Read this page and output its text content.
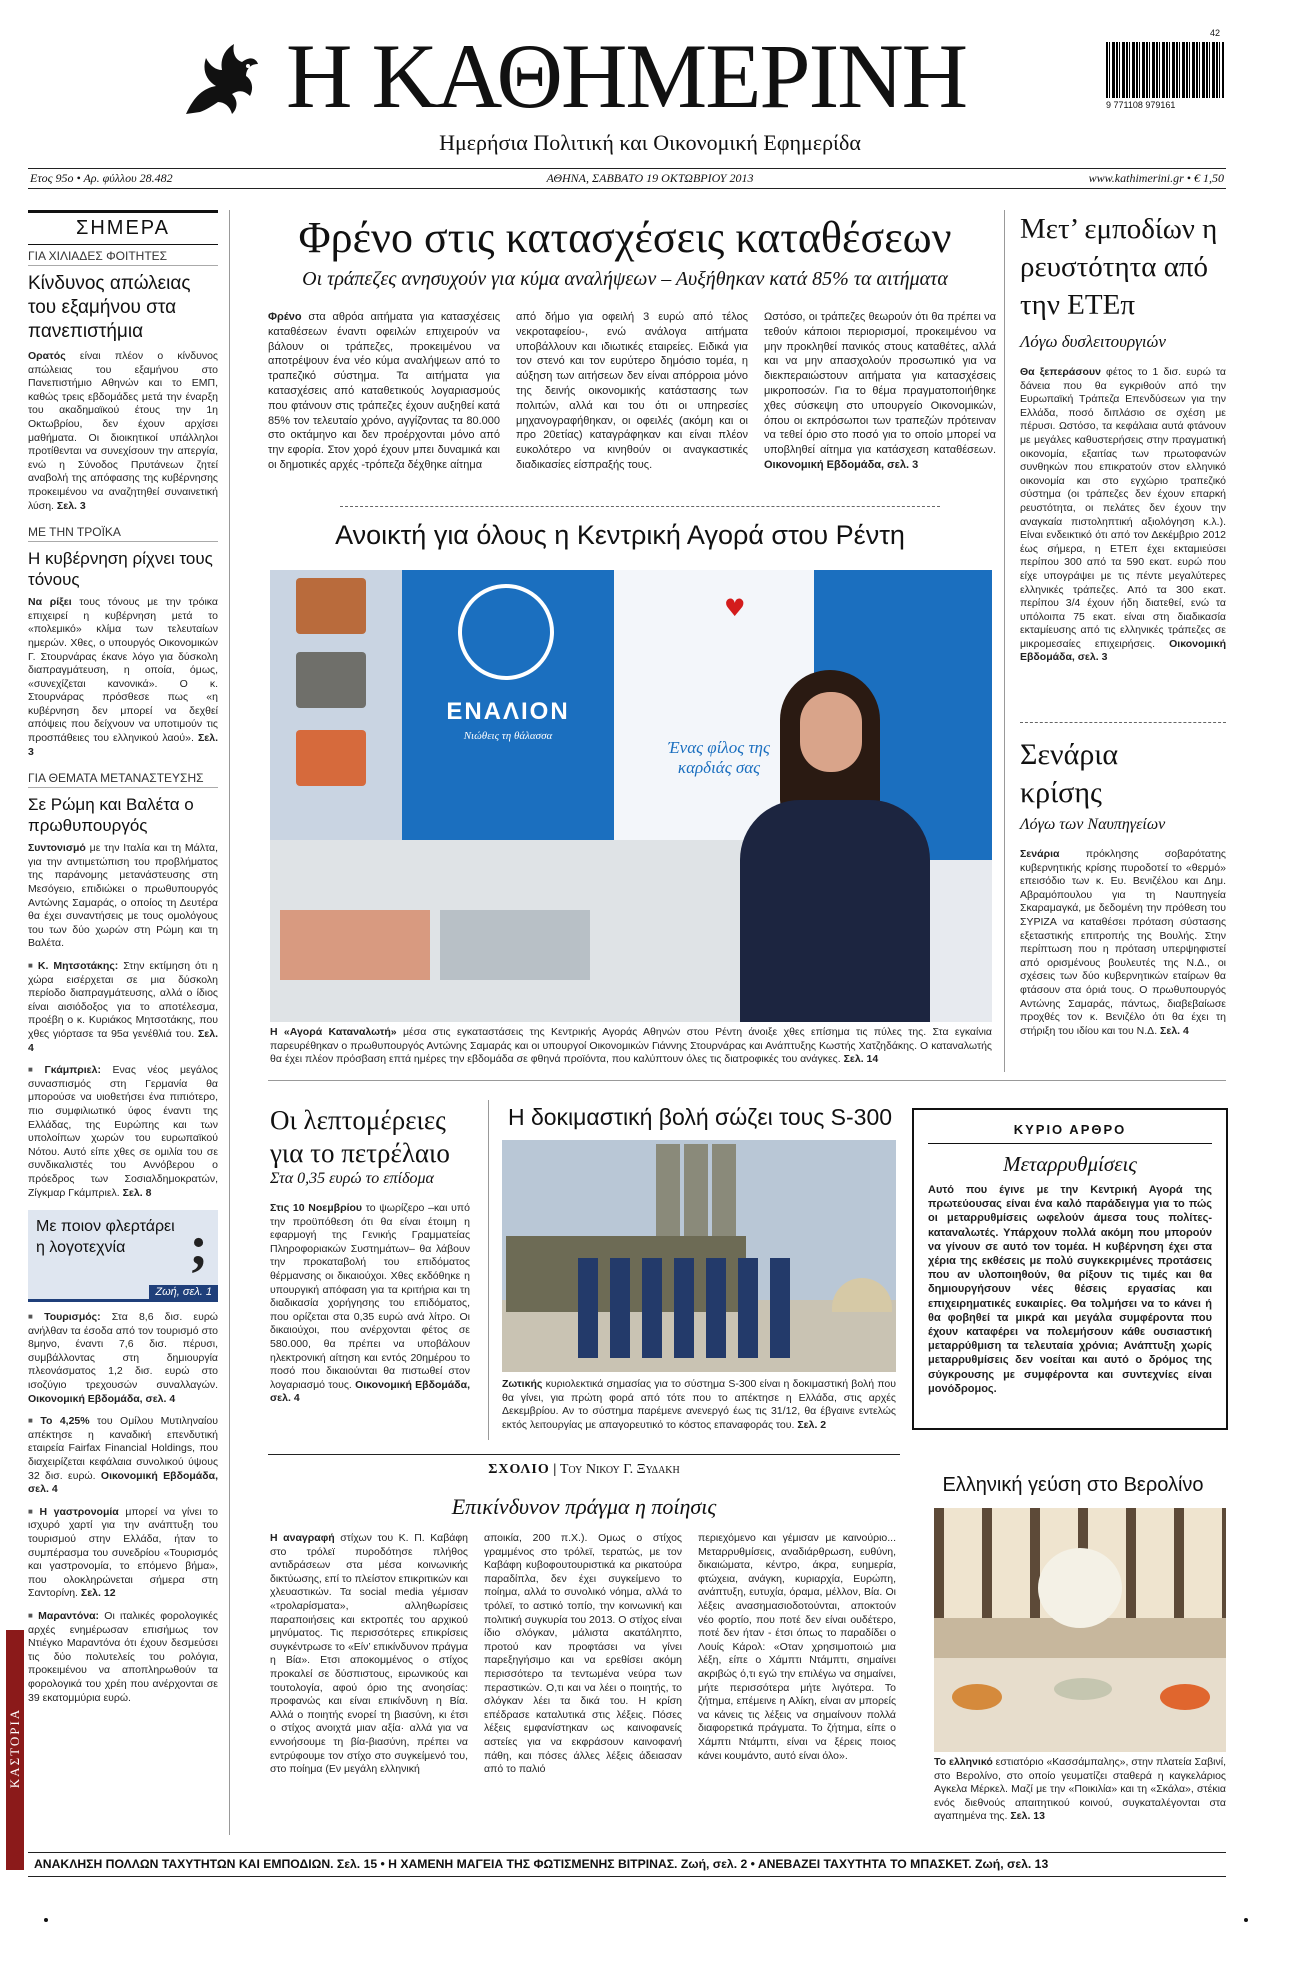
Η ΚΑΘΗΜΕΡΙΝΗ
Ημερήσια Πολιτική και Οικονομική Εφημερίδα
9 771108 979161
42
Ετος 95ο • Αρ. φύλλου 28.482	ΑΘΗΝΑ, ΣΑΒΒΑΤΟ 19 ΟΚΤΩΒΡΙΟΥ 2013	www.kathimerini.gr • € 1,50
ΣΗΜΕΡΑ
ΓΙΑ ΧΙΛΙΑΔΕΣ ΦΟΙΤΗΤΕΣ
Κίνδυνος απώλειας του εξαμήνου στα πανεπιστήμια

Ορατός είναι πλέον ο κίνδυνος απώλειας του εξαμήνου στο Πανεπιστήμιο Αθηνών και το ΕΜΠ, καθώς τρεις εβδομάδες μετά την έναρξη του ακαδημαϊκού έτους την 1η Οκτωβρίου, δεν έχουν αρχίσει μαθήματα. Οι διοικητικοί υπάλληλοι προτίθενται να συνεχίσουν την απεργία, ενώ η Σύνοδος Πρυτάνεων ζητεί αναβολή της απόφασης της κυβέρνησης προκειμένου να αναζητηθεί συναινετική λύση. Σελ. 3

ΜΕ ΤΗΝ ΤΡΟΪΚΑ
Η κυβέρνηση ρίχνει τους τόνους

Να ρίξει τους τόνους με την τρόικα επιχειρεί η κυβέρνηση μετά το «πολεμικό» κλίμα των τελευταίων ημερών. Χθες, ο υπουργός Οικονομικών Γ. Στουρνάρας έκανε λόγο για δύσκολη διαπραγμάτευση, η οποία, όμως, «συνεχίζεται κανονικά». Ο κ. Στουρνάρας πρόσθεσε πως «η κυβέρνηση δεν μπορεί να δεχθεί απόψεις που δείχνουν να υποτιμούν τις προσπάθειες του ελληνικού λαού». Σελ. 3

ΓΙΑ ΘΕΜΑΤΑ ΜΕΤΑΝΑΣΤΕΥΣΗΣ
Σε Ρώμη και Βαλέτα ο πρωθυπουργός

Συντονισμό με την Ιταλία και τη Μάλτα, για την αντιμετώπιση του προβλήματος της παράνομης μετανάστευσης στη Μεσόγειο, επιδιώκει ο πρωθυπουργός Αντώνης Σαμαράς, ο οποίος τη Δευτέρα θα έχει συναντήσεις με τους ομολόγους του των δύο χωρών στη Ρώμη και τη Βαλέτα.

■ Κ. Μητσοτάκης: Στην εκτίμηση ότι η χώρα εισέρχεται σε μια δύσκολη περίοδο διαπραγμάτευσης, αλλά ο ίδιος είναι αισιόδοξος για το αποτέλεσμα, προέβη ο κ. Κυριάκος Μητσοτάκης, που χθες γιόρτασε τα 95α γενέθλιά του. Σελ. 4

■ Γκάμπριελ: Ενας νέος μεγάλος συνασπισμός στη Γερμανία θα μπορούσε να υιοθετήσει ένα πιπιότερο, πιο συμφιλιωτικό ύφος έναντι της Ελλάδας, της Ευρώπης και των υπολοίπων χωρών του ευρωπαϊκού Νότου. Αυτό είπε χθες σε ομιλία του σε συνδικαλιστές του Αννόβερου ο πρόεδρος των Σοσιαλδημοκρατών, Ζίγκμαρ Γκάμπριελ. Σελ. 8

Με ποιον φλερτάρει η λογοτεχνία	;
Ζωή, σελ. 1

■ Τουρισμός: Στα 8,6 δισ. ευρώ ανήλθαν τα έσοδα από τον τουρισμό στο 8μηνο, έναντι 7,6 δισ. πέρυσι, συμβάλλοντας στη δημιουργία πλεονάσματος 1,2 δισ. ευρώ στο ισοζύγιο τρεχουσών συναλλαγών. Οικονομική Εβδομάδα, σελ. 4

■ Το 4,25% του Ομίλου Μυτιληναίου απέκτησε η καναδική επενδυτική εταιρεία Fairfax Financial Holdings, που διαχειρίζεται κεφάλαια συνολικού ύψους 32 δισ. ευρώ. Οικονομική Εβδομάδα, σελ. 4

■ Η γαστρονομία μπορεί να γίνει το ισχυρό χαρτί για την ανάπτυξη του τουρισμού στην Ελλάδα, ήταν το συμπέρασμα του συνεδρίου «Τουρισμός και γαστρονομία, το επόμενο βήμα», που ολοκληρώνεται σήμερα στη Σαντορίνη. Σελ. 12

■ Μαραντόνα: Οι ιταλικές φορολογικές αρχές ενημέρωσαν επισήμως τον Ντιέγκο Μαραντόνα ότι έχουν δεσμεύσει τις δύο πολυτελείς του ρολόγια, προκειμένου να αποπληρωθούν τα φορολογικά του χρέη που ανέρχονται σε 39 εκατομμύρια ευρώ.

ΚΑΣΤΟΡΙΑ
Φρένο στις κατασχέσεις καταθέσεων
Οι τράπεζες ανησυχούν για κύμα αναλήψεων – Αυξήθηκαν κατά 85% τα αιτήματα

Φρένο στα αθρόα αιτήματα για κατασχέσεις καταθέσεων έναντι οφειλών επιχειρούν να βάλουν οι τράπεζες, προκειμένου να αποτρέψουν ένα νέο κύμα αναλήψεων από το τραπεζικό σύστημα. Τα αιτήματα για κατασχέσεις από καταθετικούς λογαριασμούς που φτάνουν στις τράπεζες έχουν αυξηθεί κατά 85% τον τελευταίο χρόνο, αγγίζοντας τα 80.000 στο οκτάμηνο και δεν προέρχονται μόνο από την εφορία. Στον χορό έχουν μπει δυναμικά και οι δημοτικές αρχές -τρόπεζα δέχθηκε αίτημα

από δήμο για οφειλή 3 ευρώ από τέλος νεκροταφείου-, ενώ ανάλογα αιτήματα υποβάλλουν και ιδιωτικές εταιρείες. Ειδικά για τον στενό και τον ευρύτερο δημόσιο τομέα, η αύξηση των αιτήσεων δεν είναι απόρροια μόνο της δεινής οικονομικής κατάστασης των πολιτών, αλλά και του ότι οι υπηρεσίες μηχανογραφήθηκαν, οι οφειλές (ακόμη και οι προ 20ετίας) καταγράφηκαν και είναι πλέον ευκολότερο να κινηθούν οι αναγκαστικές διαδικασίες είσπραξής τους.

Ωστόσο, οι τράπεζες θεωρούν ότι θα πρέπει να τεθούν κάποιοι περιορισμοί, προκειμένου να μην προκληθεί πανικός στους καταθέτες, αλλά και να μην απασχολούν προσωπικό για να διεκπεραιώστουν αιτήματα για κατασχέσεις μικροποσών. Για το θέμα πραγματοποιήθηκε χθες σύσκεψη στο υπουργείο Οικονομικών, όπου οι εκπρόσωποι των τραπεζών πρότειναν να τεθεί όριο στο ποσό για το οποίο μπορεί να υποβληθεί αίτημα για κατάσχεση καταθέσεων. Οικονομική Εβδομάδα, σελ. 3

Ανοικτή για όλους η Κεντρική Αγορά στου Ρέντη
ΕΝΑΛΙΟΝ
Νιώθεις τη θάλασσα
Ένας φίλος της καρδιάς σας
♥

Η «Αγορά Καταναλωτή» μέσα στις εγκαταστάσεις της Κεντρικής Αγοράς Αθηνών στου Ρέντη άνοιξε χθες επίσημα τις πύλες της. Στα εγκαίνια παρευρέθηκαν ο πρωθυπουργός Αντώνης Σαμαράς και οι υπουργοί Οικονομικών Γιάννης Στουρνάρας και Ανάπτυξης Κωστής Χατζηδάκης. Ο καταναλωτής θα έχει πλέον πρόσβαση επτά ημέρες την εβδομάδα σε φθηνά προϊόντα, που καλύπτουν όλες τις διατροφικές του ανάγκες. Σελ. 14

Μετ’ εμποδίων η ρευστότητα από την ΕΤΕπ
Λόγω δυσλειτουργιών

Θα ξεπεράσουν φέτος το 1 δισ. ευρώ τα δάνεια που θα εγκριθούν από την Ευρωπαϊκή Τράπεζα Επενδύσεων για την Ελλάδα, ποσό διπλάσιο σε σχέση με πέρυσι. Ωστόσο, τα κεφάλαια αυτά φτάνουν με μεγάλες καθυστερήσεις στην πραγματική οικονομία, εξαιτίας των πρωτοφανών συνθηκών που επικρατούν στον ελληνικό οικονομία και στο εγχώριο τραπεζικό σύστημα (οι τράπεζες δεν έχουν επαρκή ρευστότητα, οι πελάτες δεν έχουν την αναγκαία πιστοληπτική αξιολόγηση κ.λ.). Είναι ενδεικτικό ότι από τον Δεκέμβριο 2012 έως σήμερα, η ΕΤΕπ έχει εκταμιεύσει περίπου 300 από τα 590 εκατ. ευρώ που είχε υπογράψει με τις πέντε μεγαλύτερες ελληνικές τράπεζες. Από τα 300 εκατ. περίπου 3/4 έχουν ήδη διατεθεί, ενώ τα υπόλοιπα 75 εκατ. είναι στη διαδικασία εκταμίευσης από τις ελληνικές τράπεζες σε μικρομεσαίες επιχειρήσεις. Οικονομική Εβδομάδα, σελ. 3

Σενάρια κρίσης
Λόγω των Ναυπηγείων

Σενάρια πρόκλησης σοβαρότατης κυβερνητικής κρίσης πυροδοτεί το «θερμό» επεισόδιο των κ. Ευ. Βενιζέλου και Δημ. Αβραμόπουλου για τη Ναυπηγεία Σκαραμαγκά, με δεδομένη την πρόθεση του ΣΥΡΙΖΑ να καταθέσει πρόταση σύστασης εξεταστικής επιτροπής της Βουλής. Στην περίπτωση που η πρόταση υπερψηφιστεί από ορισμένους βουλευτές της Ν.Δ., οι σχέσεις των δύο κυβερνητικών εταίρων θα φτάσουν στα όριά τους. Ο πρωθυπουργός Αντώνης Σαμαράς, πάντως, διαβεβαίωσε προχθές τον κ. Βενιζέλο ότι θα έχει τη στήριξη του ιδίου και του Ν.Δ. Σελ. 4

Οι λεπτομέρειες για το πετρέλαιο
Στα 0,35 ευρώ το επίδομα

Στις 10 Νοεμβρίου το ψωρίζερο –και υπό την προϋπόθεση ότι θα είναι έτοιμη η εφαρμογή της Γενικής Γραμματείας Πληροφοριακών Συστημάτων– θα λάβουν την προκαταβολή του επιδόματος θέρμανσης οι δικαιούχοι. Χθες εκδόθηκε η υπουργική απόφαση για τα κριτήρια και τη διαδικασία χορήγησης του επιδόματος, που ορίζεται στα 0,35 ευρώ ανά λίτρο. Οι δικαιούχοι, που ανέρχονται φέτος σε 580.000, θα πρέπει να υποβάλουν ηλεκτρονική αίτηση και εντός 20ημέρου το ποσό που δικαιούνται θα πιστωθεί στον λογαριασμό τους. Οικονομική Εβδομάδα, σελ. 4

Η δοκιμαστική βολή σώζει τους S-300

Ζωτικής κυριολεκτικά σημασίας για το σύστημα S-300 είναι η δοκιμαστική βολή που θα γίνει, για πρώτη φορά από τότε που το απέκτησε η Ελλάδα, στις αρχές Δεκεμβρίου. Αν το σύστημα παρέμενε ανενεργό έως τις 31/12, θα έβγαινε εντελώς εκτός λειτουργίας με απαγορευτικό το κόστος επαναφοράς του. Σελ. 2

ΚΥΡΙΟ ΑΡΘΡΟ
Μεταρρυθμίσεις

Αυτό που έγινε με την Κεντρική Αγορά της πρωτεύουσας είναι ένα καλό παράδειγμα για το πώς οι μεταρρυθμίσεις ωφελούν άμεσα τους πολίτες-καταναλωτές. Υπάρχουν πολλά ακόμη που μπορούν να γίνουν σε αυτό τον τομέα. Η κυβέρνηση έχει στα χέρια της εκθέσεις με πολύ συγκεκριμένες προτάσεις που αν υλοποιηθούν, θα ρίξουν τις τιμές και θα δημιουργήσουν νέες θέσεις εργασίας και επιχειρηματικές ευκαιρίες. Θα τολμήσει να το κάνει ή θα φοβηθεί τα μικρά και μεγάλα συμφέροντα που έχουν καταφέρει να πολεμήσουν κάθε ουσιαστική μεταρρύθμιση τα τελευταία χρόνια; Ανάπτυξη χωρίς μεταρρυθμίσεις δεν νοείται και αυτό ο δρόμος της σύγκρουσης με συμφέροντα και συντεχνίες είναι μονόδρομος.

ΣΧΟΛΙΟ | Του Νικου Γ. Ξυδακη
Επικίνδυνον πράγμα η ποίησις

Η αναγραφή στίχων του Κ. Π. Καβάφη στο τρόλεϊ πυροδότησε πλήθος αντιδράσεων στα μέσα κοινωνικής δικτύωσης, επί το πλείστον επικριτικών και χλευαστικών. Τα social media γέμισαν «τρολαρίσματα», αλληθωρίσεις παραποιήσεις και εκτροπές του αρχικού μηνύματος. Τις περισσότερες επικρίσεις συγκέντρωσε το «Είν’ επικίνδυνον πράγμα η Βία». Ετσι αποκομμένος ο στίχος προκαλεί σε δύσπιστους, ειρωνικούς και τουτολογία, αφού όριο της ανοησίας: προφανώς και είναι επικίνδυνη η Βία. Αλλά ο ποιητής ενορεί τη βιασύνη, κι έτσι ο στίχος ανοιχτά μιαν αξία· αλλά για να εννοήσουμε τη βία-βιασύνη, πρέπει να εντρύφουμε τον στίχο στο συγκείμενό του, στο ποίημα (Εν μεγάλη ελληνική

αποικία, 200 π.Χ.). Ομως ο στίχος γραμμένος στο τρόλεϊ, τερατώς, με τον Καβάφη κυβοφουτουριστικά κα ρικατούρα παραδίπλα, δεν έχει συγκείμενο το ποίημα, αλλά το συνολικό νόημα, αλλά το τρόλεϊ, το αστικό τοπίο, την κοινωνική και πολιτική συγκυρία του 2013. Ο στίχος είναι ίδιο σλόγκαν, μάλιστα ακατάληπτο, προτού καν προφτάσει να γίνει παρεξηγήσιμο και να ερεθίσει ακόμη περισσότερο τα τεντωμένα νεύρα των περαστικών. Ο,τι και να λέει ο ποιητής, το σλόγκαν λέει τα δικά του. Η κρίση επέδρασε καταλυτικά στις λέξεις. Πόσες λέξεις εμφανίστηκαν ως καινοφανείς αστείες για να εκφράσουν καινοφανή πάθη, και πόσες άλλες λέξεις άδειασαν από το παλιό

περιεχόμενο και γέμισαν με καινούριο... Μεταρρυθμίσεις, αναδιάρθρωση, ευθύνη, δικαιώματα, κέντρο, άκρα, ευημερία, φτώχεια, ανάγκη, κυριαρχία, Ευρώπη, ανάπτυξη, ευτυχία, όραμα, μέλλον, Βία. Οι λέξεις ανασημασιοδοτούνται, αποκτούν νέο φορτίο, που ποτέ δεν είναι ουδέτερο, ποτέ δεν ήταν - έτσι όπως το παραδίδει ο Λουίς Κάρολ: «Οταν χρησιμοποιώ μια λέξη, είπε ο Χάμπτι Ντάμπτι, σημαίνει ακριβώς ό,τι εγώ την επιλέγω να σημαίνει, μήτε περισσότερα μήτε λιγότερα. Το ζήτημα, επέμεινε η Αλίκη, είναι αν μπορείς να κάνεις τις λέξεις να σημαίνουν πολλά διαφορετικά πράγματα. Το ζήτημα, είπε ο Χάμπτι Ντάμπτι, είναι να ξέρεις ποιος κάνει κουμάντο, αυτό είναι όλο».

Ελληνική γεύση στο Βερολίνο

Το ελληνικό εστιατόριο «Κασσάμπαλης», στην πλατεία Σαβινί, στο Βερολίνο, στο οποίο γευματίζει σταθερά η καγκελάριος Αγκελα Μέρκελ. Μαζί με την «Ποικιλία» και τη «Σκάλα», στέκια ενός διεθνούς απαιτητικού κοινού, συγκαταλέγονται στα αγαπημένα της. Σελ. 13

ΑΝΑΚΛΗΣΗ ΠΟΛΛΩΝ ΤΑΧΥΤΗΤΩΝ ΚΑΙ ΕΜΠΟΔΙΩΝ. Σελ. 15 • Η ΧΑΜΕΝΗ ΜΑΓΕΙΑ ΤΗΣ ΦΩΤΙΣΜΕΝΗΣ ΒΙΤΡΙΝΑΣ. Ζωή, σελ. 2 • ΑΝΕΒΑΖΕΙ ΤΑΧΥΤΗΤΑ ΤΟ ΜΠΑΣΚΕΤ. Ζωή, σελ. 13
